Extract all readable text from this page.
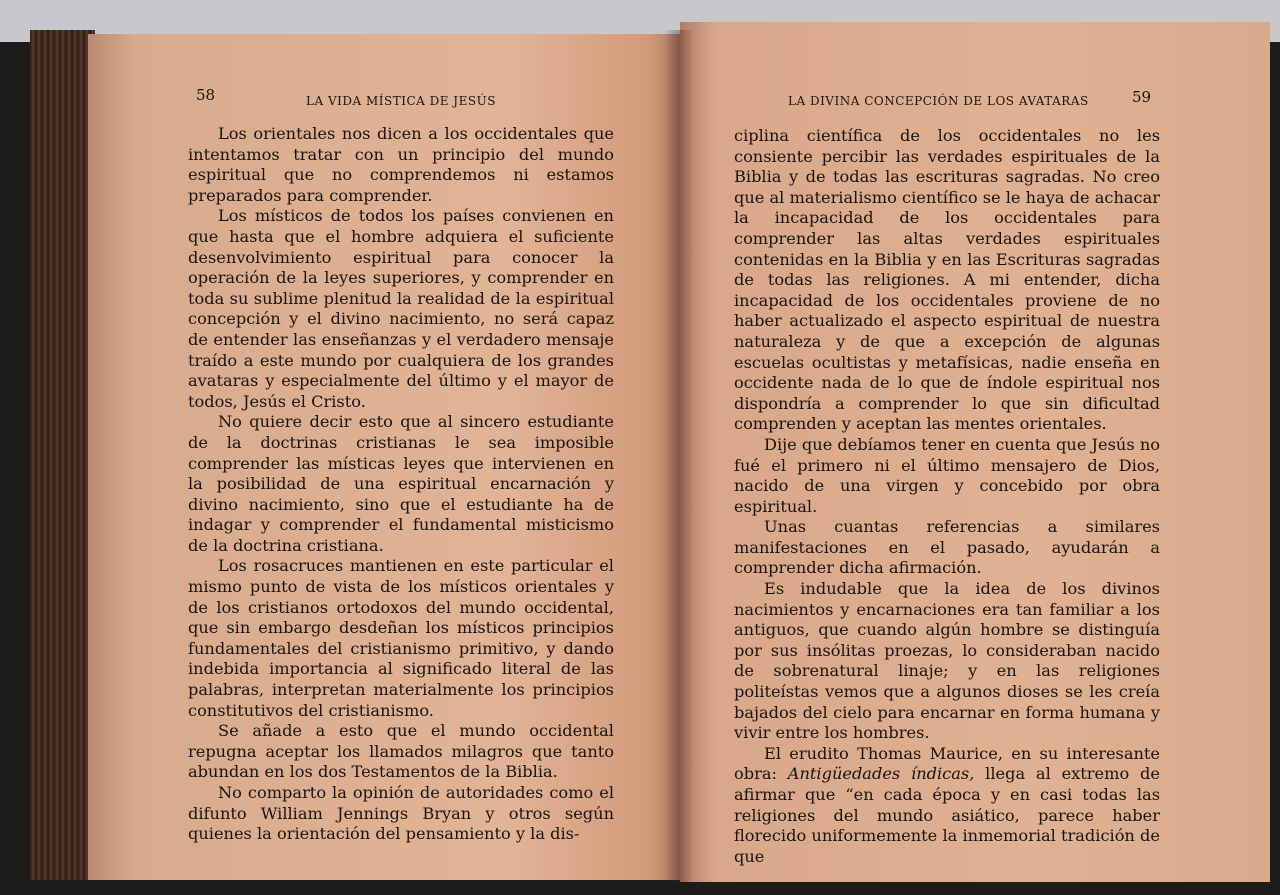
58	LA VIDA MÍSTICA DE JESÚS

Los orientales nos dicen a los occidentales que intentamos tratar con un principio del mundo espiritual que no comprendemos ni estamos preparados para comprender.

Los místicos de todos los países convienen en que hasta que el hombre adquiera el suficiente desenvolvimiento espiritual para conocer la operación de la leyes superiores, y comprender en toda su sublime plenitud la realidad de la espiritual concepción y el divino nacimiento, no será capaz de entender las enseñanzas y el verdadero mensaje traído a este mundo por cualquiera de los grandes avataras y especialmente del último y el mayor de todos, Jesús el Cristo.

No quiere decir esto que al sincero estudiante de la doctrinas cristianas le sea imposible comprender las místicas leyes que intervienen en la posibilidad de una espiritual encarnación y divino nacimiento, sino que el estudiante ha de indagar y comprender el fundamental misticismo de la doctrina cristiana.

Los rosacruces mantienen en este particular el mismo punto de vista de los místicos orientales y de los cristianos ortodoxos del mundo occidental, que sin embargo desdeñan los místicos principios fundamentales del cristianismo primitivo, y dando indebida importancia al significado literal de las palabras, interpretan materialmente los principios constitutivos del cristianismo.

Se añade a esto que el mundo occidental repugna aceptar los llamados milagros que tanto abundan en los dos Testamentos de la Biblia.

No comparto la opinión de autoridades como el difunto William Jennings Bryan y otros según quienes la orientación del pensamiento y la dis-

LA DIVINA CONCEPCIÓN DE LOS AVATARAS	59

ciplina científica de los occidentales no les consiente percibir las verdades espirituales de la Biblia y de todas las escrituras sagradas. No creo que al materialismo científico se le haya de achacar la incapacidad de los occidentales para comprender las altas verdades espirituales contenidas en la Biblia y en las Escrituras sagradas de todas las religiones. A mi entender, dicha incapacidad de los occidentales proviene de no haber actualizado el aspecto espiritual de nuestra naturaleza y de que a excepción de algunas escuelas ocultistas y metafísicas, nadie enseña en occidente nada de lo que de índole espiritual nos dispondría a comprender lo que sin dificultad comprenden y aceptan las mentes orientales.

Dije que debíamos tener en cuenta que Jesús no fué el primero ni el último mensajero de Dios, nacido de una virgen y concebido por obra espiritual.

Unas cuantas referencias a similares manifestaciones en el pasado, ayudarán a comprender dicha afirmación.

Es indudable que la idea de los divinos nacimientos y encarnaciones era tan familiar a los antiguos, que cuando algún hombre se distinguía por sus insólitas proezas, lo consideraban nacido de sobrenatural linaje; y en las religiones politeístas vemos que a algunos dioses se les creía bajados del cielo para encarnar en forma humana y vivir entre los hombres.

El erudito Thomas Maurice, en su interesante obra: Antigüedades índicas, llega al extremo de afirmar que “en cada época y en casi todas las religiones del mundo asiático, parece haber florecido uniformemente la inmemorial tradición de que
